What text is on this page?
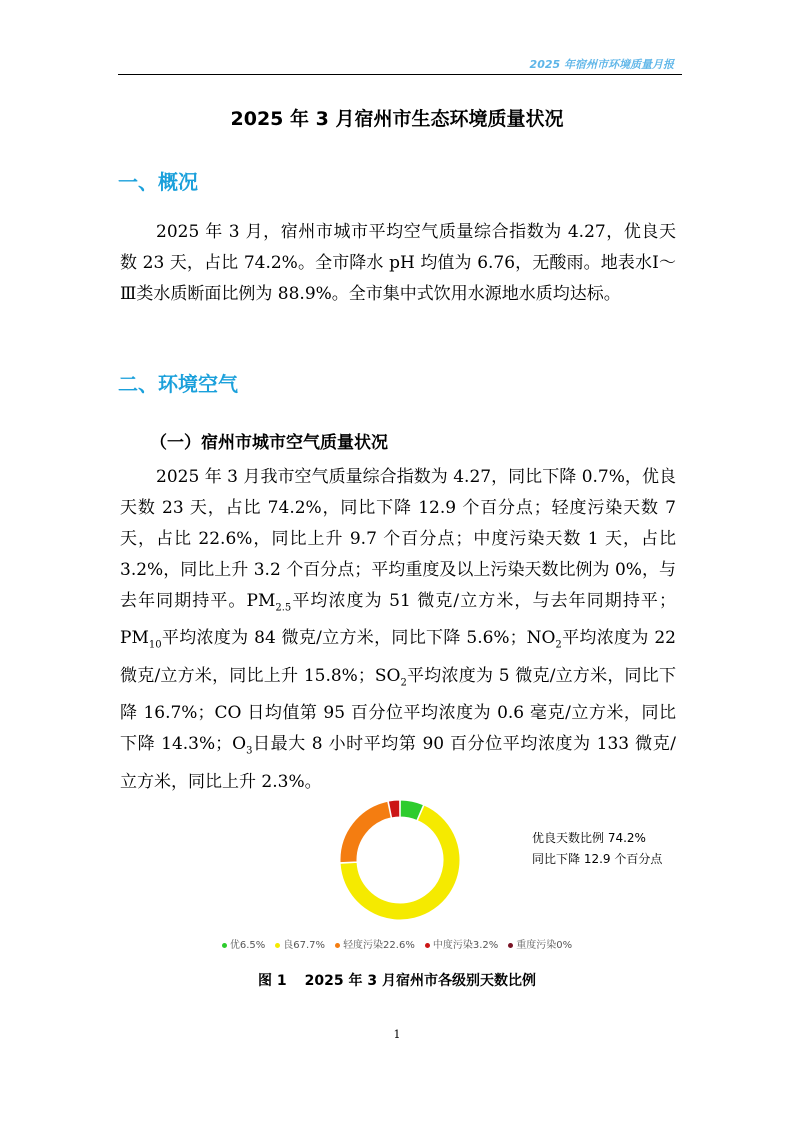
2025 年宿州市环境质量月报
2025 年 3 月宿州市生态环境质量状况
一、概况

2025 年 3 月，宿州市城市平均空气质量综合指数为 4.27，优良天数 23 天，占比 74.2%。全市降水 pH 均值为 6.76，无酸雨。地表水Ⅰ～Ⅲ类水质断面比例为 88.9%。全市集中式饮用水源地水质均达标。

二、环境空气
（一）宿州市城市空气质量状况

2025 年 3 月我市空气质量综合指数为 4.27，同比下降 0.7%，优良天数 23 天，占比 74.2%，同比下降 12.9 个百分点；轻度污染天数 7 天，占比 22.6%，同比上升 9.7 个百分点；中度污染天数 1 天，占比 3.2%，同比上升 3.2 个百分点；平均重度及以上污染天数比例为 0%，与去年同期持平。$PM_{2.5}$平均浓度为 51 微克/立方米，与去年同期持平；$PM_{10}$平均浓度为 84 微克/立方米，同比下降 5.6%；$NO_2$平均浓度为 22 微克/立方米，同比上升 15.8%；$SO_2$平均浓度为 5 微克/立方米，同比下降 16.7%；CO 日均值第 95 百分位平均浓度为 0.6 毫克/立方米，同比下降 14.3%；$O_3$日最大 8 小时平均第 90 百分位平均浓度为 133 微克/立方米，同比上升 2.3%。

优良天数比例 74.2%
同比下降 12.9 个百分点
优6.5% 良67.7% 轻度污染22.6% 中度污染3.2% 重度污染0%
图 1 2025 年 3 月宿州市各级别天数比例
1
